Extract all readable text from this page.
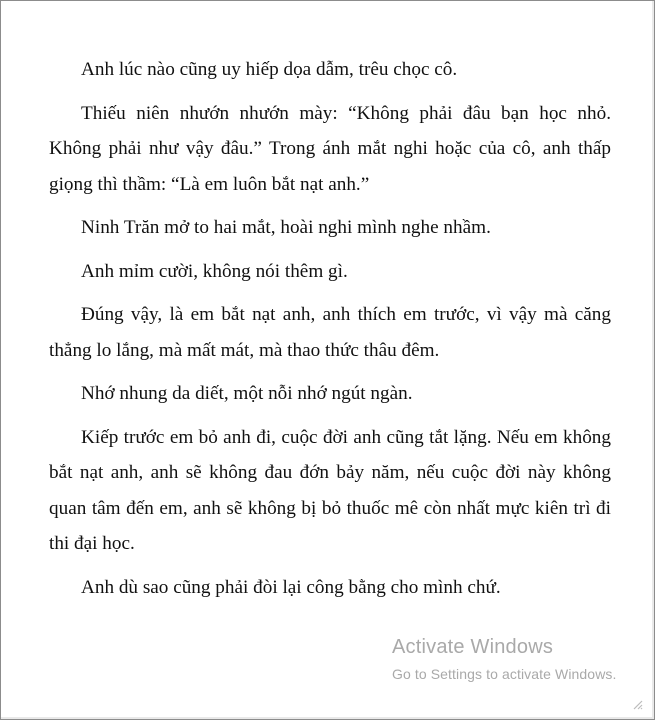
Anh lúc nào cũng uy hiếp dọa dẫm, trêu chọc cô.

Thiếu niên nhướn nhướn mày: “Không phải đâu bạn học nhỏ. Không phải như vậy đâu.” Trong ánh mắt nghi hoặc của cô, anh thấp giọng thì thầm: “Là em luôn bắt nạt anh.”

Ninh Trăn mở to hai mắt, hoài nghi mình nghe nhầm.

Anh mỉm cười, không nói thêm gì.

Đúng vậy, là em bắt nạt anh, anh thích em trước, vì vậy mà căng thẳng lo lắng, mà mất mát, mà thao thức thâu đêm.

Nhớ nhung da diết, một nỗi nhớ ngút ngàn.

Kiếp trước em bỏ anh đi, cuộc đời anh cũng tắt lặng. Nếu em không bắt nạt anh, anh sẽ không đau đớn bảy năm, nếu cuộc đời này không quan tâm đến em, anh sẽ không bị bỏ thuốc mê còn nhất mực kiên trì đi thi đại học.

Anh dù sao cũng phải đòi lại công bằng cho mình chứ.

Activate Windows
Go to Settings to activate Windows.
